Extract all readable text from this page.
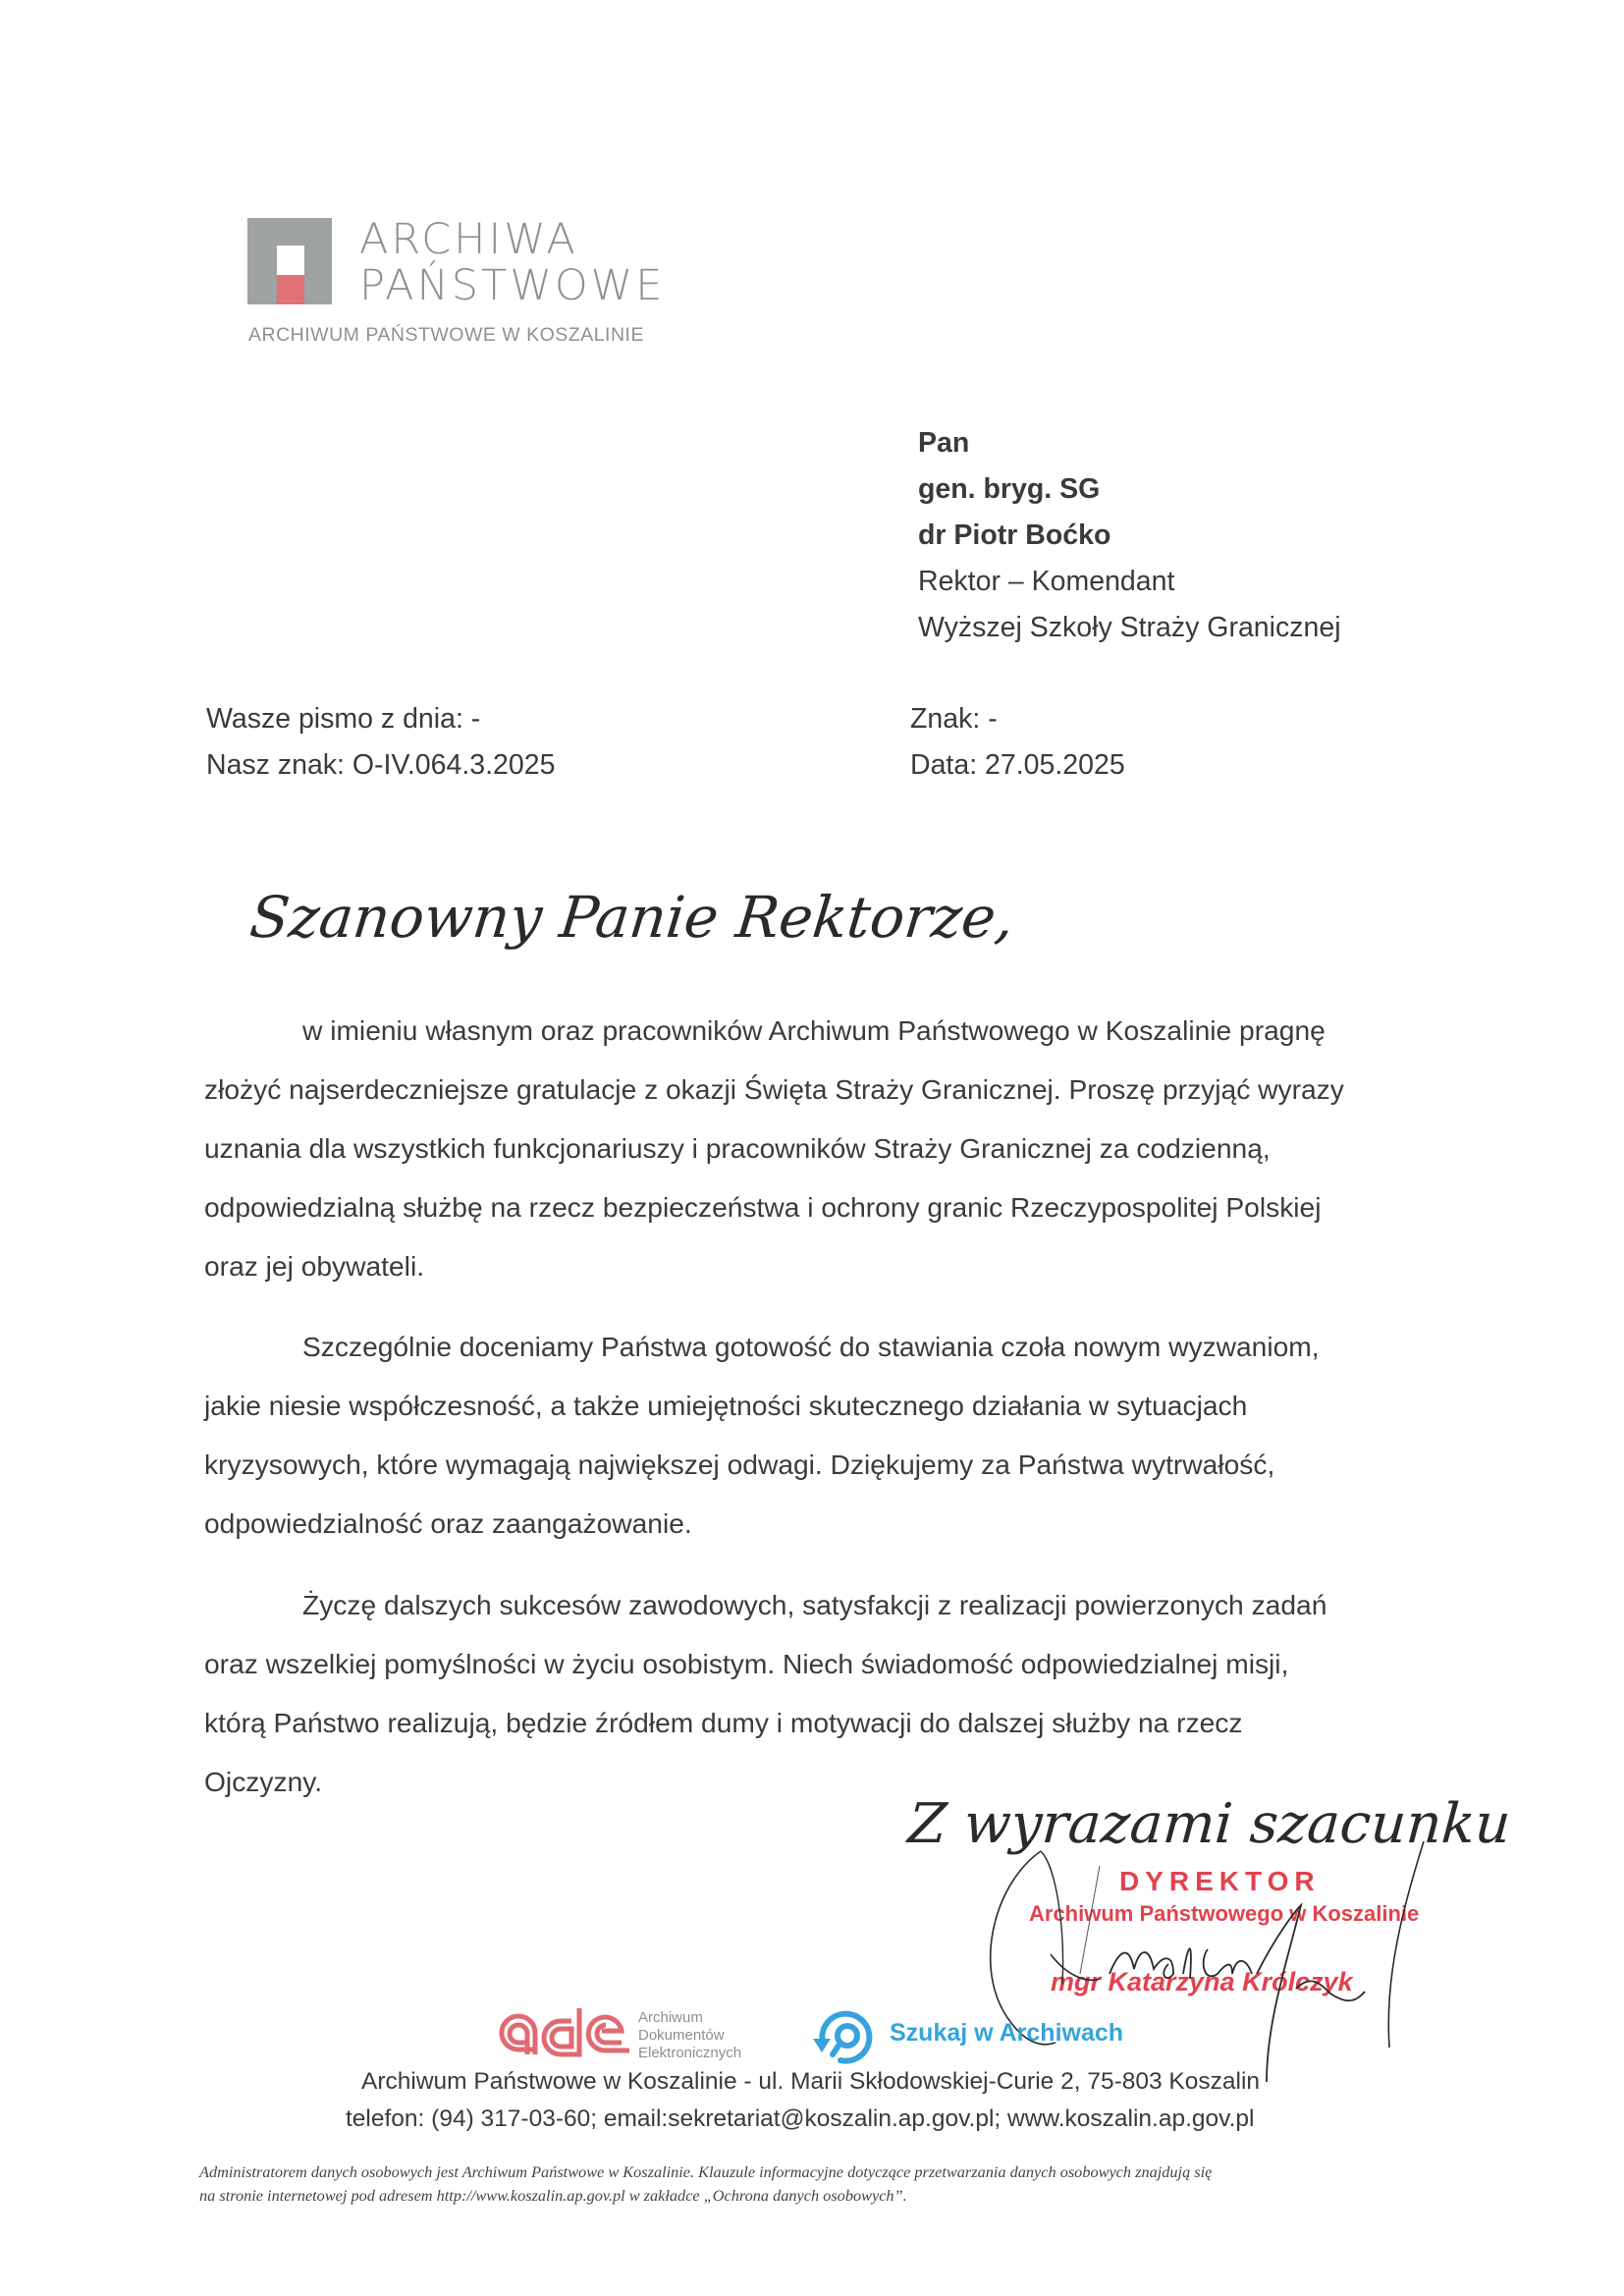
ARCHIWA
PAŃSTWOWE
ARCHIWUM PAŃSTWOWE W KOSZALINIE
Pan
gen. bryg. SG
dr Piotr Boćko
Rektor – Komendant
Wyższej Szkoły Straży Granicznej
Wasze pismo z dnia: -
Nasz znak: O-IV.064.3.2025
Znak: -
Data: 27.05.2025
Szanowny Panie Rektorze,
w imieniu własnym oraz pracowników Archiwum Państwowego w Koszalinie pragnę
złożyć najserdeczniejsze gratulacje z okazji Święta Straży Granicznej. Proszę przyjąć wyrazy
uznania dla wszystkich funkcjonariuszy i pracowników Straży Granicznej za codzienną,
odpowiedzialną służbę na rzecz bezpieczeństwa i ochrony granic Rzeczypospolitej Polskiej
oraz jej obywateli.
Szczególnie doceniamy Państwa gotowość do stawiania czoła nowym wyzwaniom,
jakie niesie współczesność, a także umiejętności skutecznego działania w sytuacjach
kryzysowych, które wymagają największej odwagi. Dziękujemy za Państwa wytrwałość,
odpowiedzialność oraz zaangażowanie.
Życzę dalszych sukcesów zawodowych, satysfakcji z realizacji powierzonych zadań
oraz wszelkiej pomyślności w życiu osobistym. Niech świadomość odpowiedzialnej misji,
którą Państwo realizują, będzie źródłem dumy i motywacji do dalszej służby na rzecz
Ojczyzny.
Z wyrazami szacunku
DYREKTOR
Archiwum Państwowego w Koszalinie
mgr Katarzyna Królczyk
Archiwum
Dokumentów
Elektronicznych
Szukaj w Archiwach
Archiwum Państwowe w Koszalinie - ul. Marii Skłodowskiej-Curie 2, 75-803 Koszalin
telefon: (94) 317-03-60; email:sekretariat@koszalin.ap.gov.pl; www.koszalin.ap.gov.pl
Administratorem danych osobowych jest Archiwum Państwowe w Koszalinie. Klauzule informacyjne dotyczące przetwarzania danych osobowych znajdują się
na stronie internetowej pod adresem http://www.koszalin.ap.gov.pl w zakładce „Ochrona danych osobowych”.
